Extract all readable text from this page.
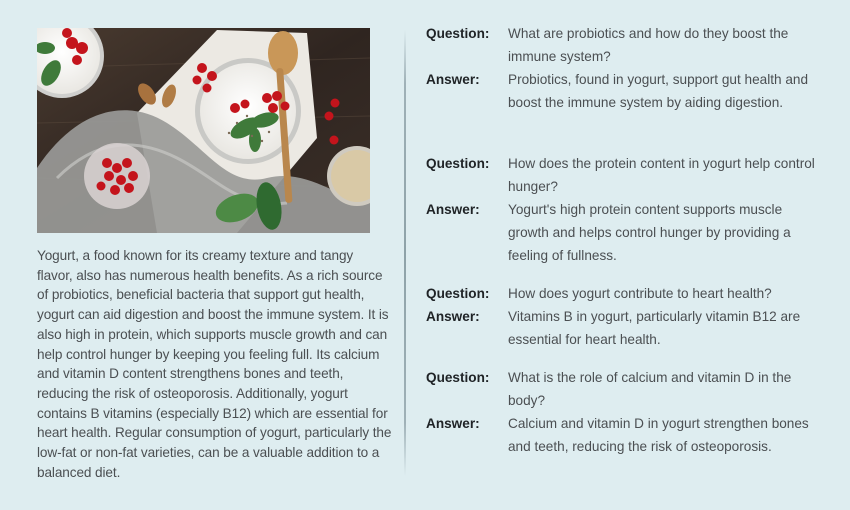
Yogurt, a food known for its creamy texture and tangy flavor, also has numerous health benefits. As a rich source of probiotics, beneficial bacteria that support gut health, yogurt can aid digestion and boost the immune system. It is also high in protein, which supports muscle growth and can help control hunger by keeping you feeling full. Its calcium and vitamin D content strengthens bones and teeth, reducing the risk of osteoporosis. Additionally, yogurt contains B vitamins (especially B12) which are essential for heart health. Regular consumption of yogurt, particularly the low-fat or non-fat varieties, can be a valuable addition to a balanced diet.
Question:	What are probiotics and how do they boost the immune system?
Answer:	Probiotics, found in yogurt, support gut health and boost the immune system by aiding digestion.
Question:	How does the protein content in yogurt help control hunger?
Answer:	Yogurt's high protein content supports muscle growth and helps control hunger by providing a feeling of fullness.
Question:	How does yogurt contribute to heart health?
Answer:	Vitamins B in yogurt, particularly vitamin B12 are essential for heart health.
Question:	What is the role of calcium and vitamin D in the body?
Answer:	Calcium and vitamin D in yogurt strengthen bones and teeth, reducing the risk of osteoporosis.
